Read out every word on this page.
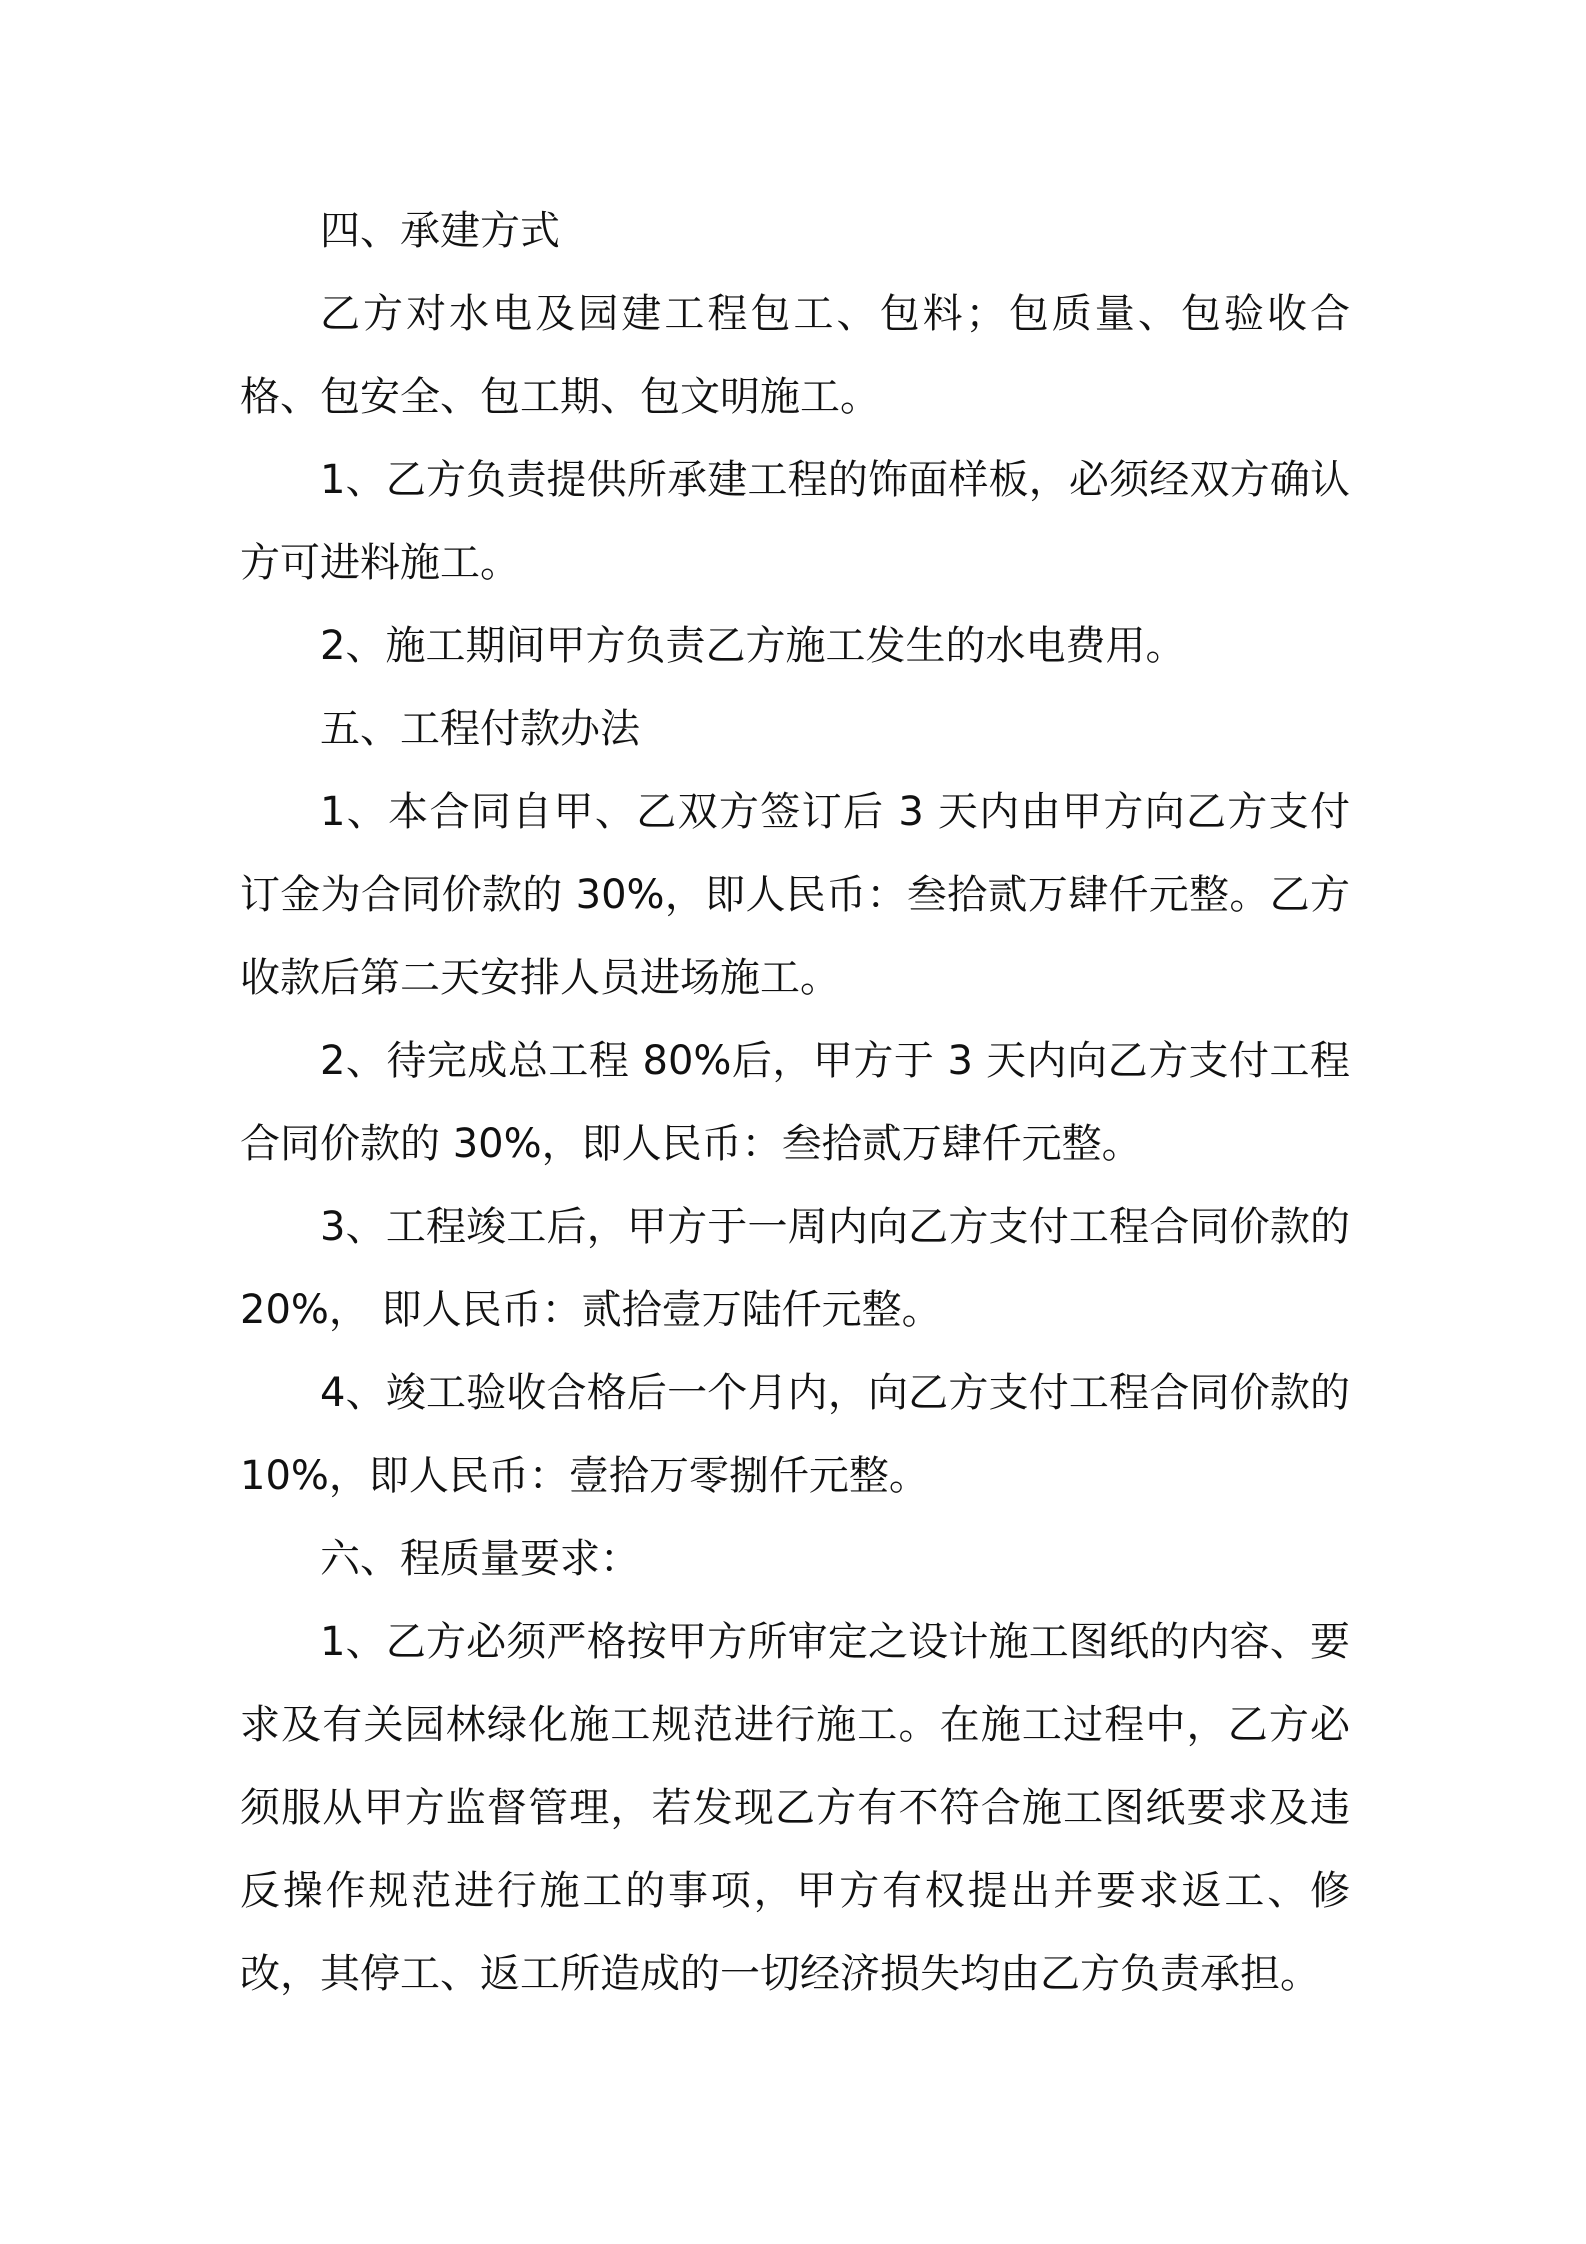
四、承建方式

乙方对水电及园建工程包工、包料；包质量、包验收合格、包安全、包工期、包文明施工。

1、乙方负责提供所承建工程的饰面样板，必须经双方确认方可进料施工。

2、施工期间甲方负责乙方施工发生的水电费用。

五、工程付款办法

1、本合同自甲、乙双方签订后 3 天内由甲方向乙方支付订金为合同价款的 30%，即人民币：叁拾贰万肆仟元整。乙方收款后第二天安排人员进场施工。

2、待完成总工程 80%后，甲方于 3 天内向乙方支付工程合同价款的 30%，即人民币：叁拾贰万肆仟元整。

3、工程竣工后，甲方于一周内向乙方支付工程合同价款的 20%， 即人民币：贰拾壹万陆仟元整。

4、竣工验收合格后一个月内，向乙方支付工程合同价款的 10%，即人民币：壹拾万零捌仟元整。

六、程质量要求：

1、乙方必须严格按甲方所审定之设计施工图纸的内容、要求及有关园林绿化施工规范进行施工。在施工过程中，乙方必须服从甲方监督管理，若发现乙方有不符合施工图纸要求及违反操作规范进行施工的事项，甲方有权提出并要求返工、修改，其停工、返工所造成的一切经济损失均由乙方负责承担。
